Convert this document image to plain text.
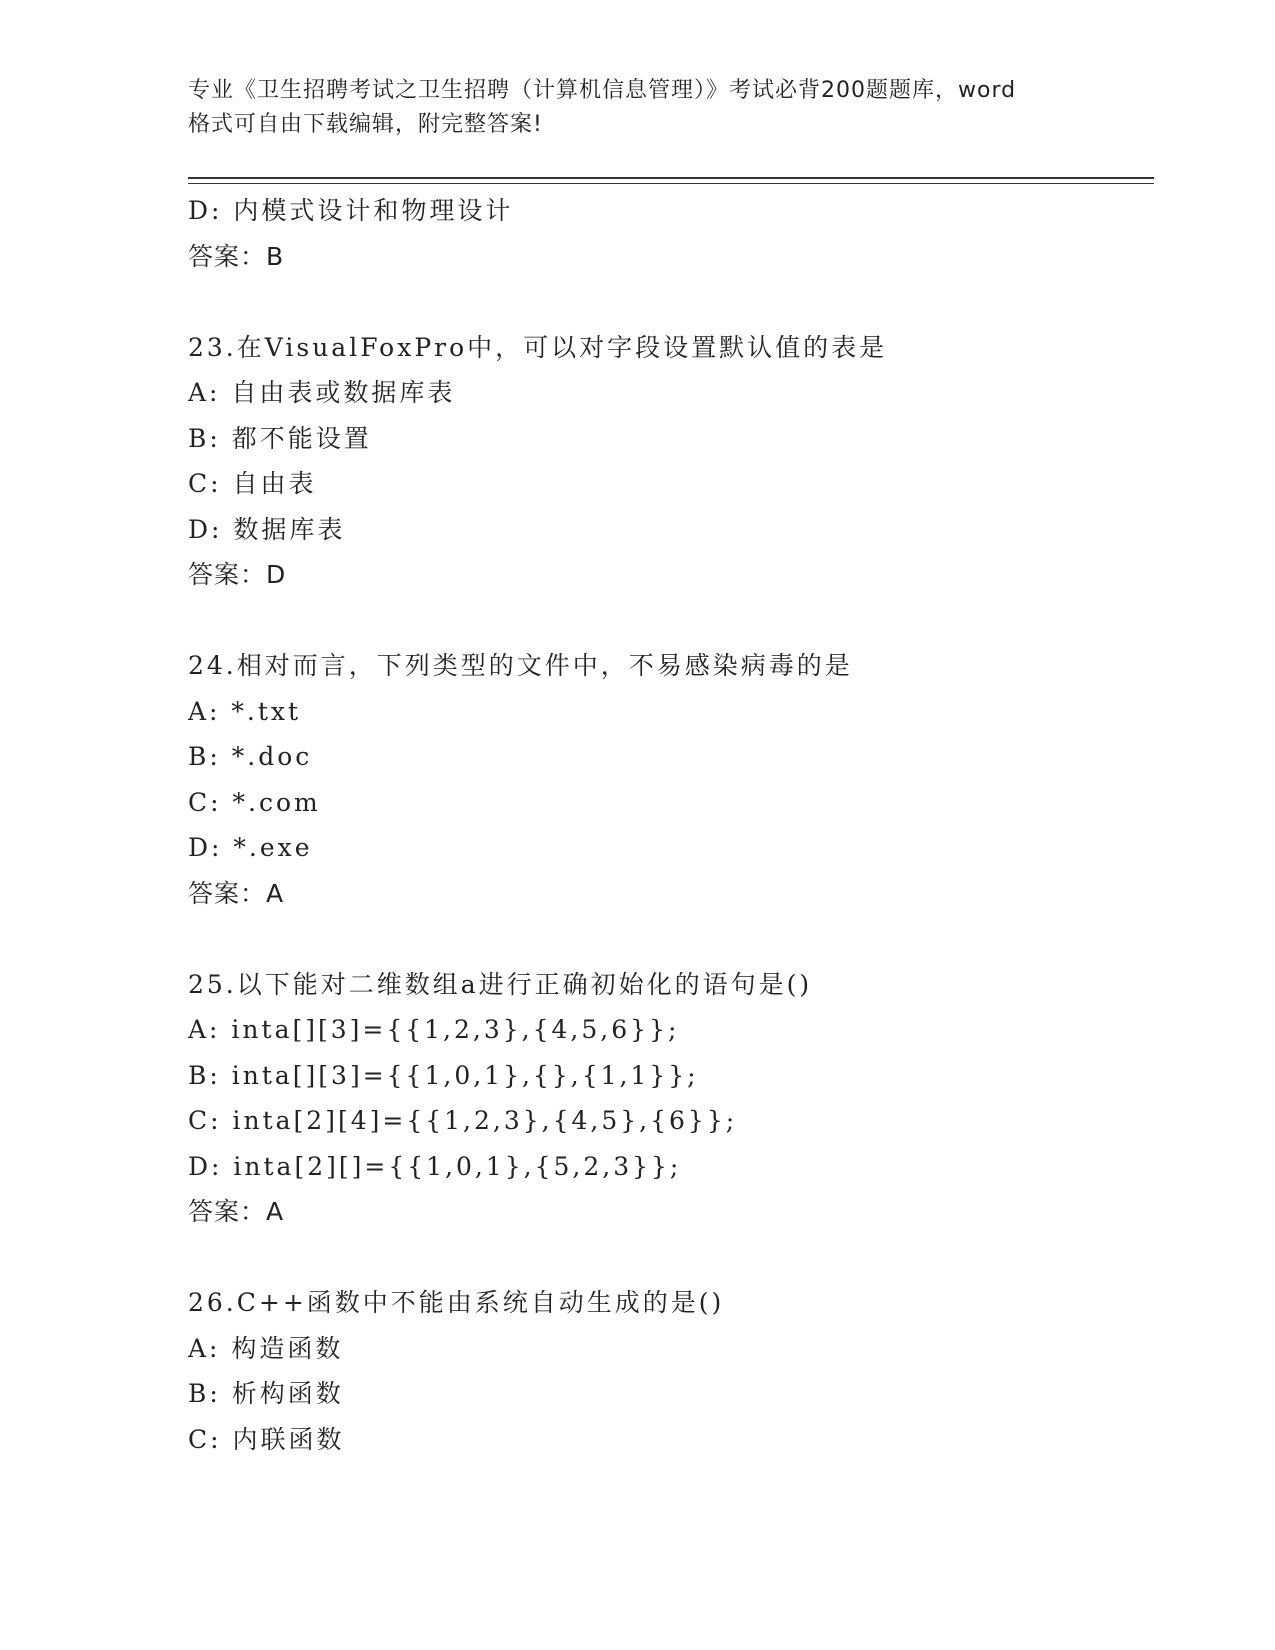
专业《卫生招聘考试之卫生招聘（计算机信息管理）》考试必背200题题库，word
格式可自由下载编辑，附完整答案!
D: 内模式设计和物理设计
答案：B
23.在VisualFoxPro中，可以对字段设置默认值的表是
A: 自由表或数据库表
B: 都不能设置
C: 自由表
D: 数据库表
答案：D
24.相对而言，下列类型的文件中，不易感染病毒的是
A: *.txt
B: *.doc
C: *.com
D: *.exe
答案：A
25.以下能对二维数组a进行正确初始化的语句是()
A: inta[][3]={{1,2,3},{4,5,6}};
B: inta[][3]={{1,0,1},{},{1,1}};
C: inta[2][4]={{1,2,3},{4,5},{6}};
D: inta[2][]={{1,0,1},{5,2,3}};
答案：A
26.C++函数中不能由系统自动生成的是()
A: 构造函数
B: 析构函数
C: 内联函数
